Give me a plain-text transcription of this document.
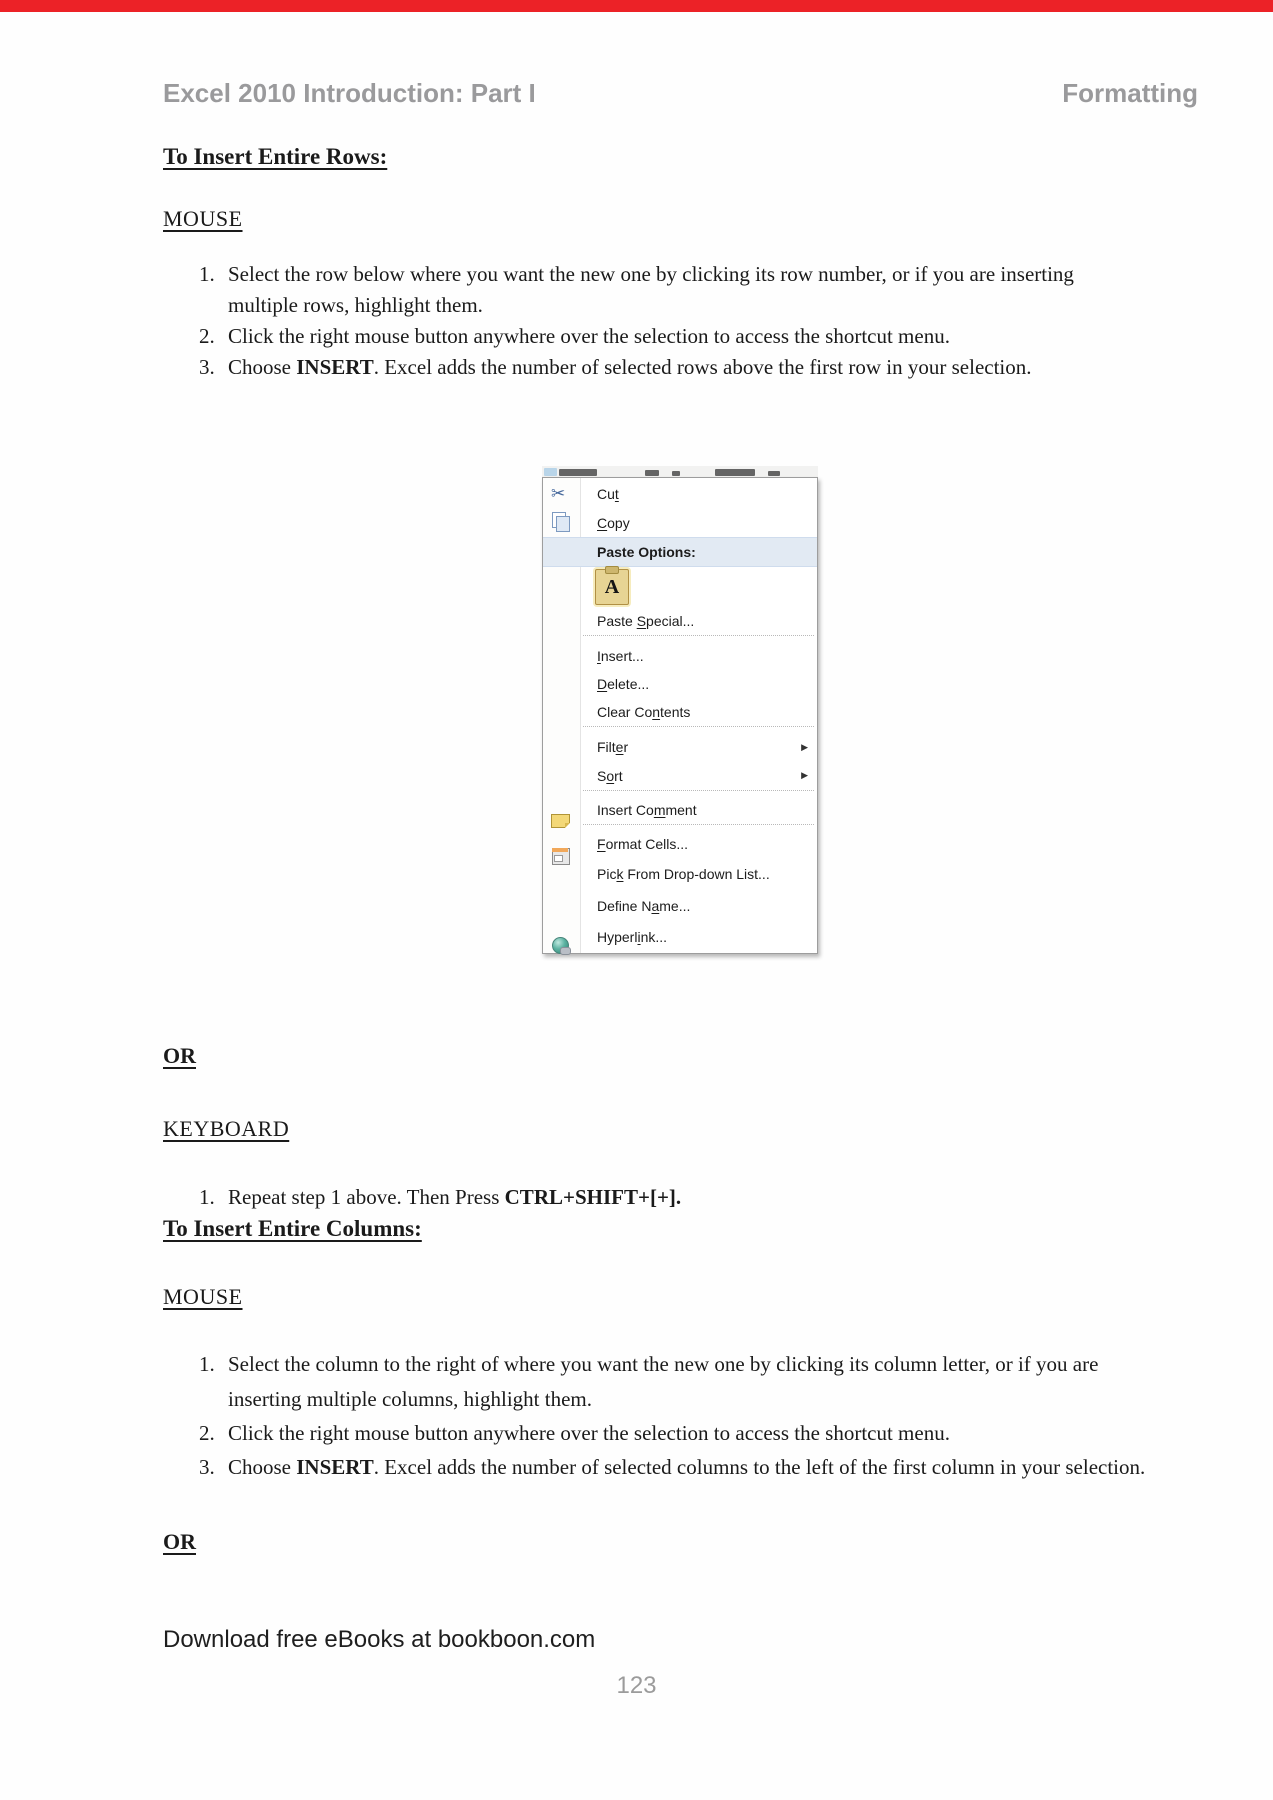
Excel 2010 Introduction: Part I	Formatting
To Insert Entire Rows:
MOUSE
1. Select the row below where you want the new one by clicking its row number, or if you are inserting
multiple rows, highlight them.
2. Click the right mouse button anywhere over the selection to access the shortcut menu.
3. Choose INSERT. Excel adds the number of selected rows above the first row in your selection.
✂	Cut
Copy
Paste Options:
A
Paste Special...
Insert...
Delete...
Clear Contents
Filter	▶
Sort	▶
Insert Comment
Format Cells...
Pick From Drop-down List...
Define Name...
Hyperlink...
OR
KEYBOARD
1. Repeat step 1 above. Then Press CTRL+SHIFT+[+].
To Insert Entire Columns:
MOUSE
1. Select the column to the right of where you want the new one by clicking its column letter, or if you are
inserting multiple columns, highlight them.
2. Click the right mouse button anywhere over the selection to access the shortcut menu.
3. Choose INSERT. Excel adds the number of selected columns to the left of the first column in your selection.
OR
Download free eBooks at bookboon.com
123
